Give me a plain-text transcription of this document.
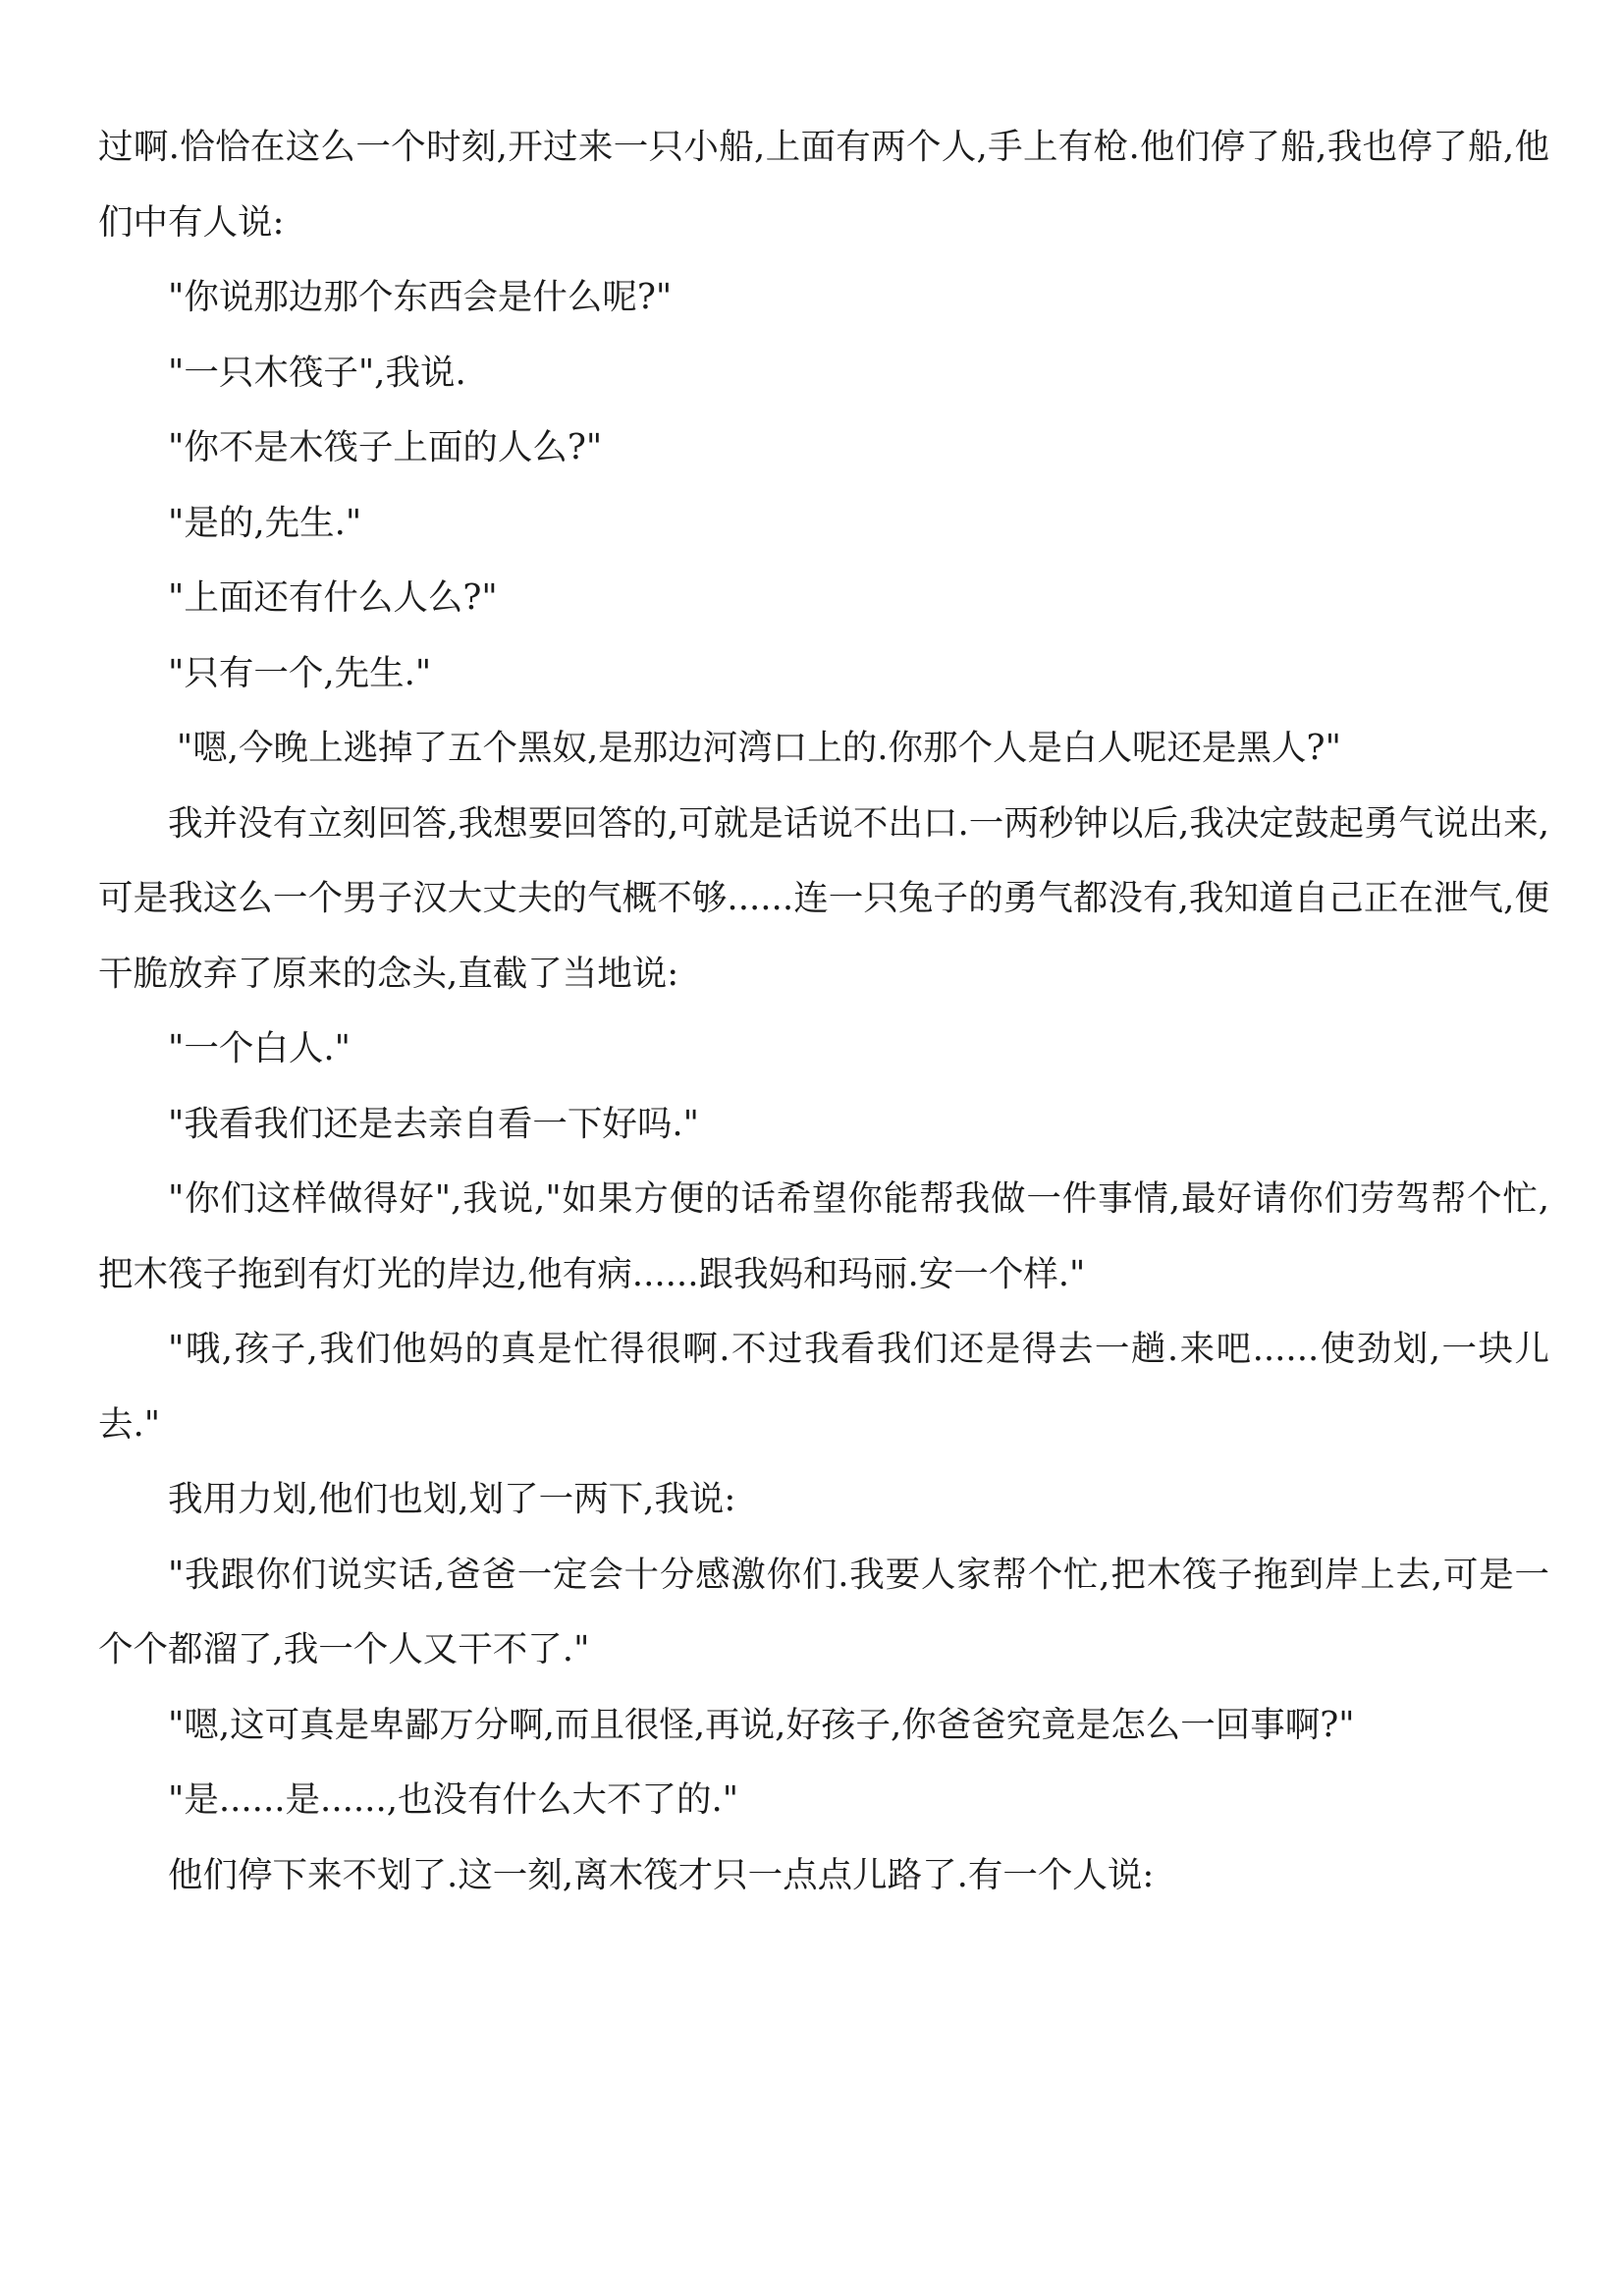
过啊.恰恰在这么一个时刻,开过来一只小船,上面有两个人,手上有枪.他们停了船,我也停了船,他们中有人说:

"你说那边那个东西会是什么呢?"

"一只木筏子",我说.

"你不是木筏子上面的人么?"

"是的,先生."

"上面还有什么人么?"

"只有一个,先生."

"嗯,今晚上逃掉了五个黑奴,是那边河湾口上的.你那个人是白人呢还是黑人?"

我并没有立刻回答,我想要回答的,可就是话说不出口.一两秒钟以后,我决定鼓起勇气说出来,可是我这么一个男子汉大丈夫的气概不够......连一只兔子的勇气都没有,我知道自己正在泄气,便干脆放弃了原来的念头,直截了当地说:

"一个白人."

"我看我们还是去亲自看一下好吗."

"你们这样做得好",我说,"如果方便的话希望你能帮我做一件事情,最好请你们劳驾帮个忙,把木筏子拖到有灯光的岸边,他有病......跟我妈和玛丽.安一个样."

"哦,孩子,我们他妈的真是忙得很啊.不过我看我们还是得去一趟.来吧......使劲划,一块儿去."

我用力划,他们也划,划了一两下,我说:

"我跟你们说实话,爸爸一定会十分感激你们.我要人家帮个忙,把木筏子拖到岸上去,可是一个个都溜了,我一个人又干不了."

"嗯,这可真是卑鄙万分啊,而且很怪,再说,好孩子,你爸爸究竟是怎么一回事啊?"

"是......是......,也没有什么大不了的."

他们停下来不划了.这一刻,离木筏才只一点点儿路了.有一个人说:
